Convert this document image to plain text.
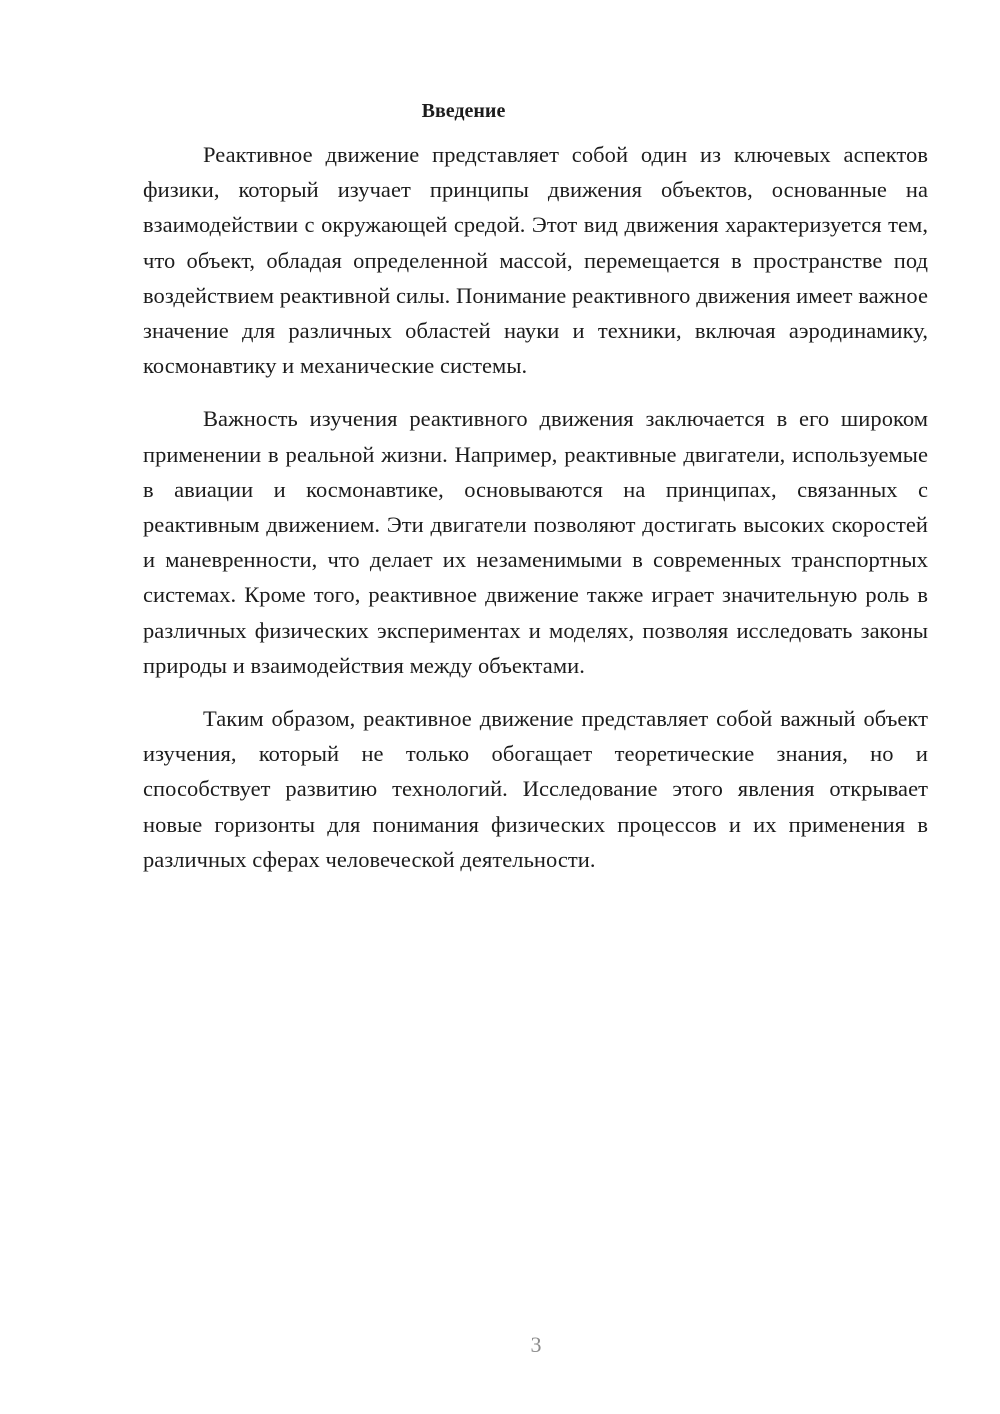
Введение

Реактивное движение представляет собой один из ключевых аспектов физики, который изучает принципы движения объектов, основанные на взаимодействии с окружающей средой. Этот вид движения характеризуется тем, что объект, обладая определенной массой, перемещается в пространстве под воздействием реактивной силы. Понимание реактивного движения имеет важное значение для различных областей науки и техники, включая аэродинамику, космонавтику и механические системы.

Важность изучения реактивного движения заключается в его широком применении в реальной жизни. Например, реактивные двигатели, используемые в авиации и космонавтике, основываются на принципах, связанных с реактивным движением. Эти двигатели позволяют достигать высоких скоростей и маневренности, что делает их незаменимыми в современных транспортных системах. Кроме того, реактивное движение также играет значительную роль в различных физических экспериментах и моделях, позволяя исследовать законы природы и взаимодействия между объектами.

Таким образом, реактивное движение представляет собой важный объект изучения, который не только обогащает теоретические знания, но и способствует развитию технологий. Исследование этого явления открывает новые горизонты для понимания физических процессов и их применения в различных сферах человеческой деятельности.

3
